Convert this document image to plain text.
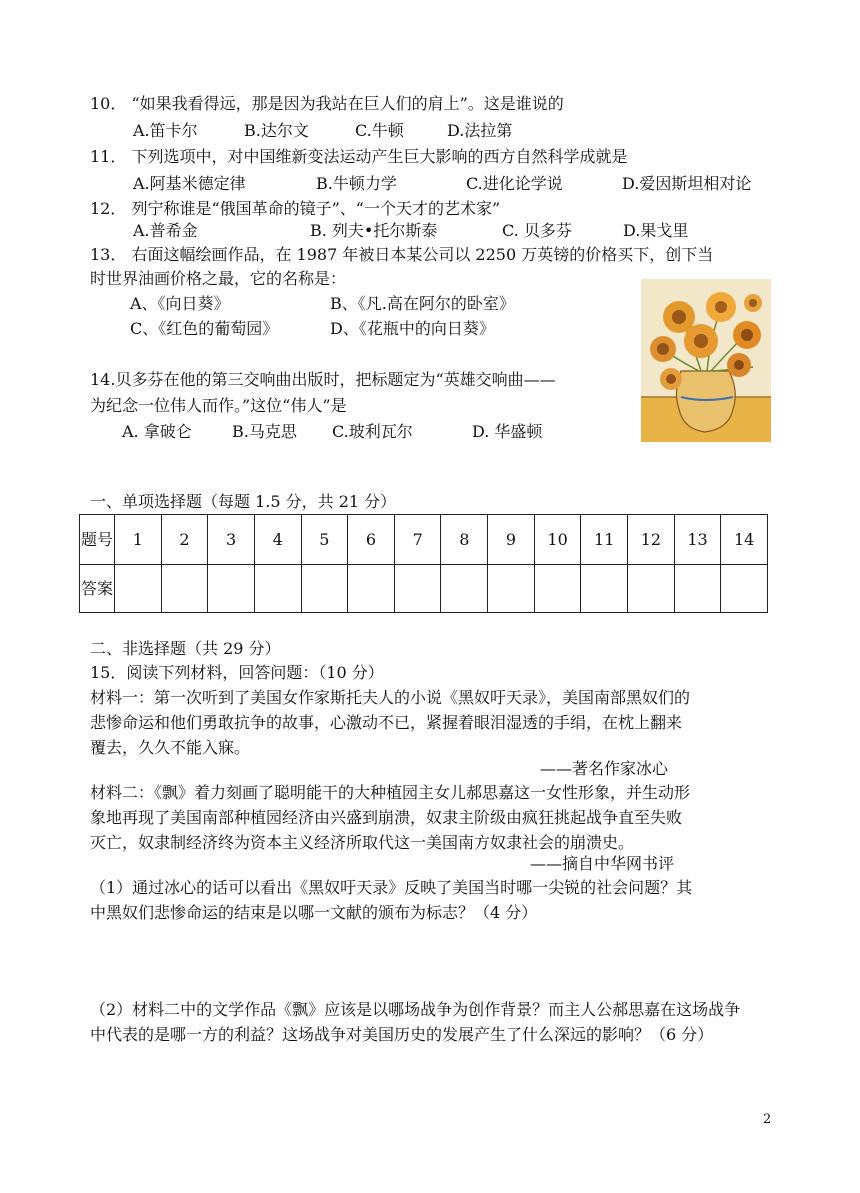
10． “如果我看得远，那是因为我站在巨人们的肩上”。这是谁说的
A.笛卡尔	B.达尔文	C.牛顿	D.法拉第
11． 下列选项中，对中国维新变法运动产生巨大影响的西方自然科学成就是
A.阿基米德定律	B.牛顿力学	C.进化论学说	D.爱因斯坦相对论
12． 列宁称谁是“俄国革命的镜子”、“一个天才的艺术家”
A.普希金	B. 列夫•托尔斯泰	C. 贝多芬	D.果戈里
13． 右面这幅绘画作品，在 1987 年被日本某公司以 2250 万英镑的价格买下，创下当
时世界油画价格之最，它的名称是：
A、《向日葵》	B、《凡.高在阿尔的卧室》
C、《红色的葡萄园》	D、《花瓶中的向日葵》
14.贝多芬在他的第三交响曲出版时，把标题定为“英雄交响曲——
为纪念一位伟人而作。”这位“伟人”是
A. 拿破仑	B.马克思 C.玻利瓦尔	D. 华盛顿
一、单项选择题（每题 1.5 分，共 21 分）
题号	1	2	3	4	5	6	7	8	9	10	11	12	13	14
答案														
二、非选择题（共 29 分）
15．阅读下列材料，回答问题：（10 分）
材料一：第一次听到了美国女作家斯托夫人的小说《黑奴吁天录》，美国南部黑奴们的
悲惨命运和他们勇敢抗争的故事，心激动不已，紧握着眼泪湿透的手绢，在枕上翻来
覆去，久久不能入寐。
——著名作家冰心
材料二：《飘》着力刻画了聪明能干的大种植园主女儿郝思嘉这一女性形象，并生动形
象地再现了美国南部种植园经济由兴盛到崩溃，奴隶主阶级由疯狂挑起战争直至失败
灭亡，奴隶制经济终为资本主义经济所取代这一美国南方奴隶社会的崩溃史。
——摘自中华网书评
（1）通过冰心的话可以看出《黑奴吁天录》反映了美国当时哪一尖锐的社会问题？其
中黑奴们悲惨命运的结束是以哪一文献的颁布为标志？（4 分）
（2）材料二中的文学作品《飘》应该是以哪场战争为创作背景？而主人公郝思嘉在这场战争
中代表的是哪一方的利益？这场战争对美国历史的发展产生了什么深远的影响？（6 分）
2
